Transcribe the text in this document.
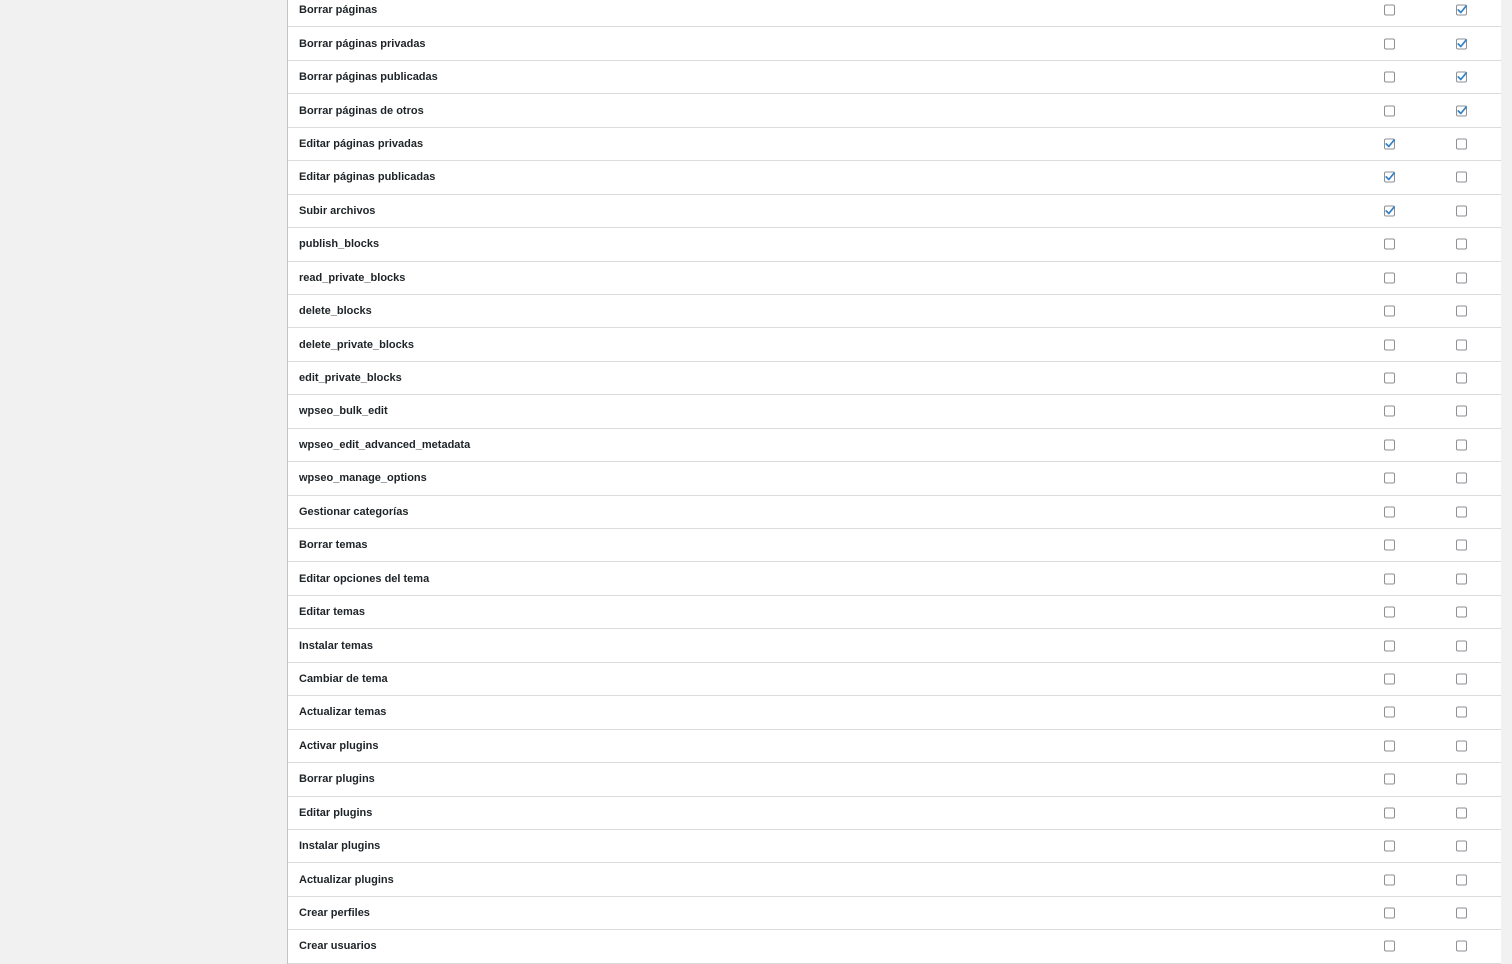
Borrar páginas
Borrar páginas privadas
Borrar páginas publicadas
Borrar páginas de otros
Editar páginas privadas
Editar páginas publicadas
Subir archivos
publish_blocks
read_private_blocks
delete_blocks
delete_private_blocks
edit_private_blocks
wpseo_bulk_edit
wpseo_edit_advanced_metadata
wpseo_manage_options
Gestionar categorías
Borrar temas
Editar opciones del tema
Editar temas
Instalar temas
Cambiar de tema
Actualizar temas
Activar plugins
Borrar plugins
Editar plugins
Instalar plugins
Actualizar plugins
Crear perfiles
Crear usuarios
